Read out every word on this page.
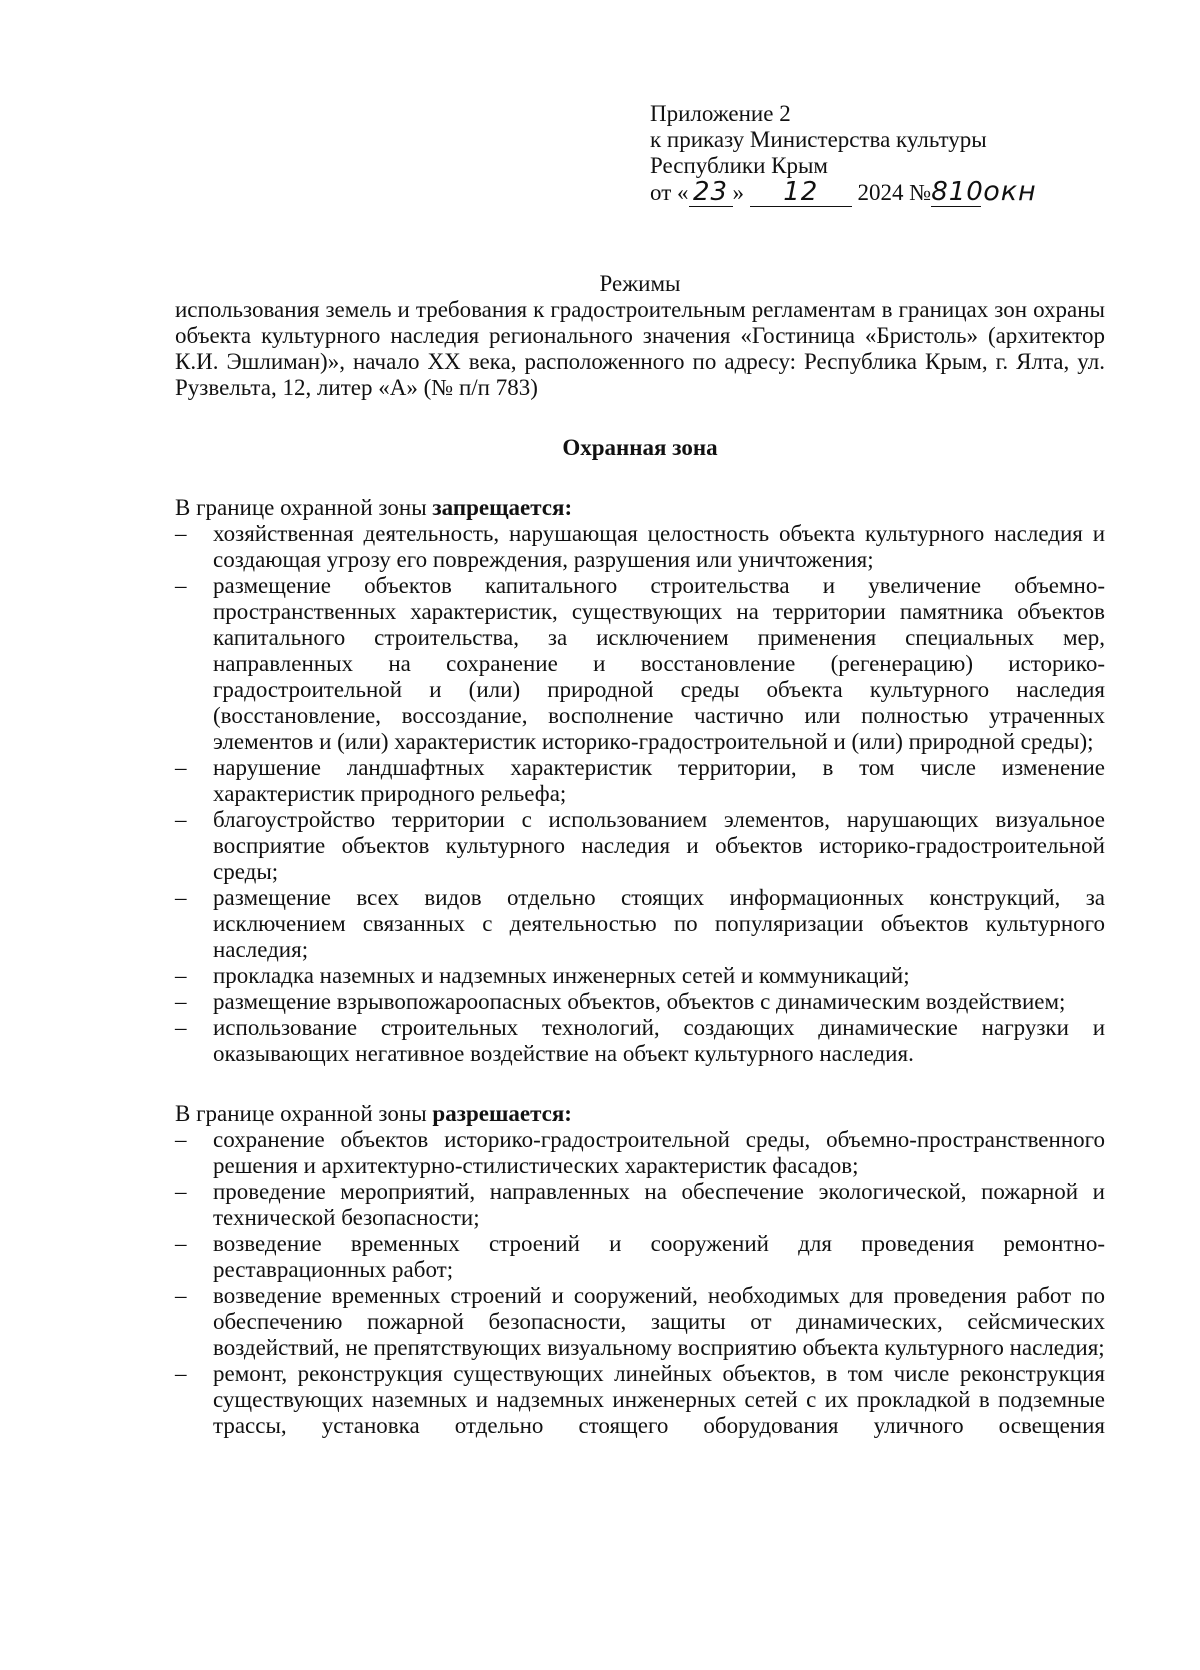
Приложение 2
к приказу Министерства культуры
Республики Крым
от « 23 » 12 2024 №810окн

Режимы

использования земель и требования к градостроительным регламентам в границах зон охраны объекта культурного наследия регионального значения «Гостиница «Бристоль» (архитектор К.И. Эшлиман)», начало XX века, расположенного по адресу: Республика Крым, г. Ялта, ул. Рузвельта, 12, литер «А» (№ п/п 783)

Охранная зона

В границе охранной зоны запрещается:

– хозяйственная деятельность, нарушающая целостность объекта культурного наследия и создающая угрозу его повреждения, разрушения или уничтожения;
– размещение объектов капитального строительства и увеличение объемно-пространственных характеристик, существующих на территории памятника объектов капитального строительства, за исключением применения специальных мер, направленных на сохранение и восстановление (регенерацию) историко-градостроительной и (или) природной среды объекта культурного наследия (восстановление, воссоздание, восполнение частично или полностью утраченных элементов и (или) характеристик историко-градостроительной и (или) природной среды);
– нарушение ландшафтных характеристик территории, в том числе изменение характеристик природного рельефа;
– благоустройство территории с использованием элементов, нарушающих визуальное восприятие объектов культурного наследия и объектов историко-градостроительной среды;
– размещение всех видов отдельно стоящих информационных конструкций, за исключением связанных с деятельностью по популяризации объектов культурного наследия;
– прокладка наземных и надземных инженерных сетей и коммуникаций;
– размещение взрывопожароопасных объектов, объектов с динамическим воздействием;
– использование строительных технологий, создающих динамические нагрузки и оказывающих негативное воздействие на объект культурного наследия.

В границе охранной зоны разрешается:

– сохранение объектов историко-градостроительной среды, объемно-пространственного решения и архитектурно-стилистических характеристик фасадов;
– проведение мероприятий, направленных на обеспечение экологической, пожарной и технической безопасности;
– возведение временных строений и сооружений для проведения ремонтно-реставрационных работ;
– возведение временных строений и сооружений, необходимых для проведения работ по обеспечению пожарной безопасности, защиты от динамических, сейсмических воздействий, не препятствующих визуальному восприятию объекта культурного наследия;
– ремонт, реконструкция существующих линейных объектов, в том числе реконструкция существующих наземных и надземных инженерных сетей с их прокладкой в подземные трассы, установка отдельно стоящего оборудования уличного освещения
